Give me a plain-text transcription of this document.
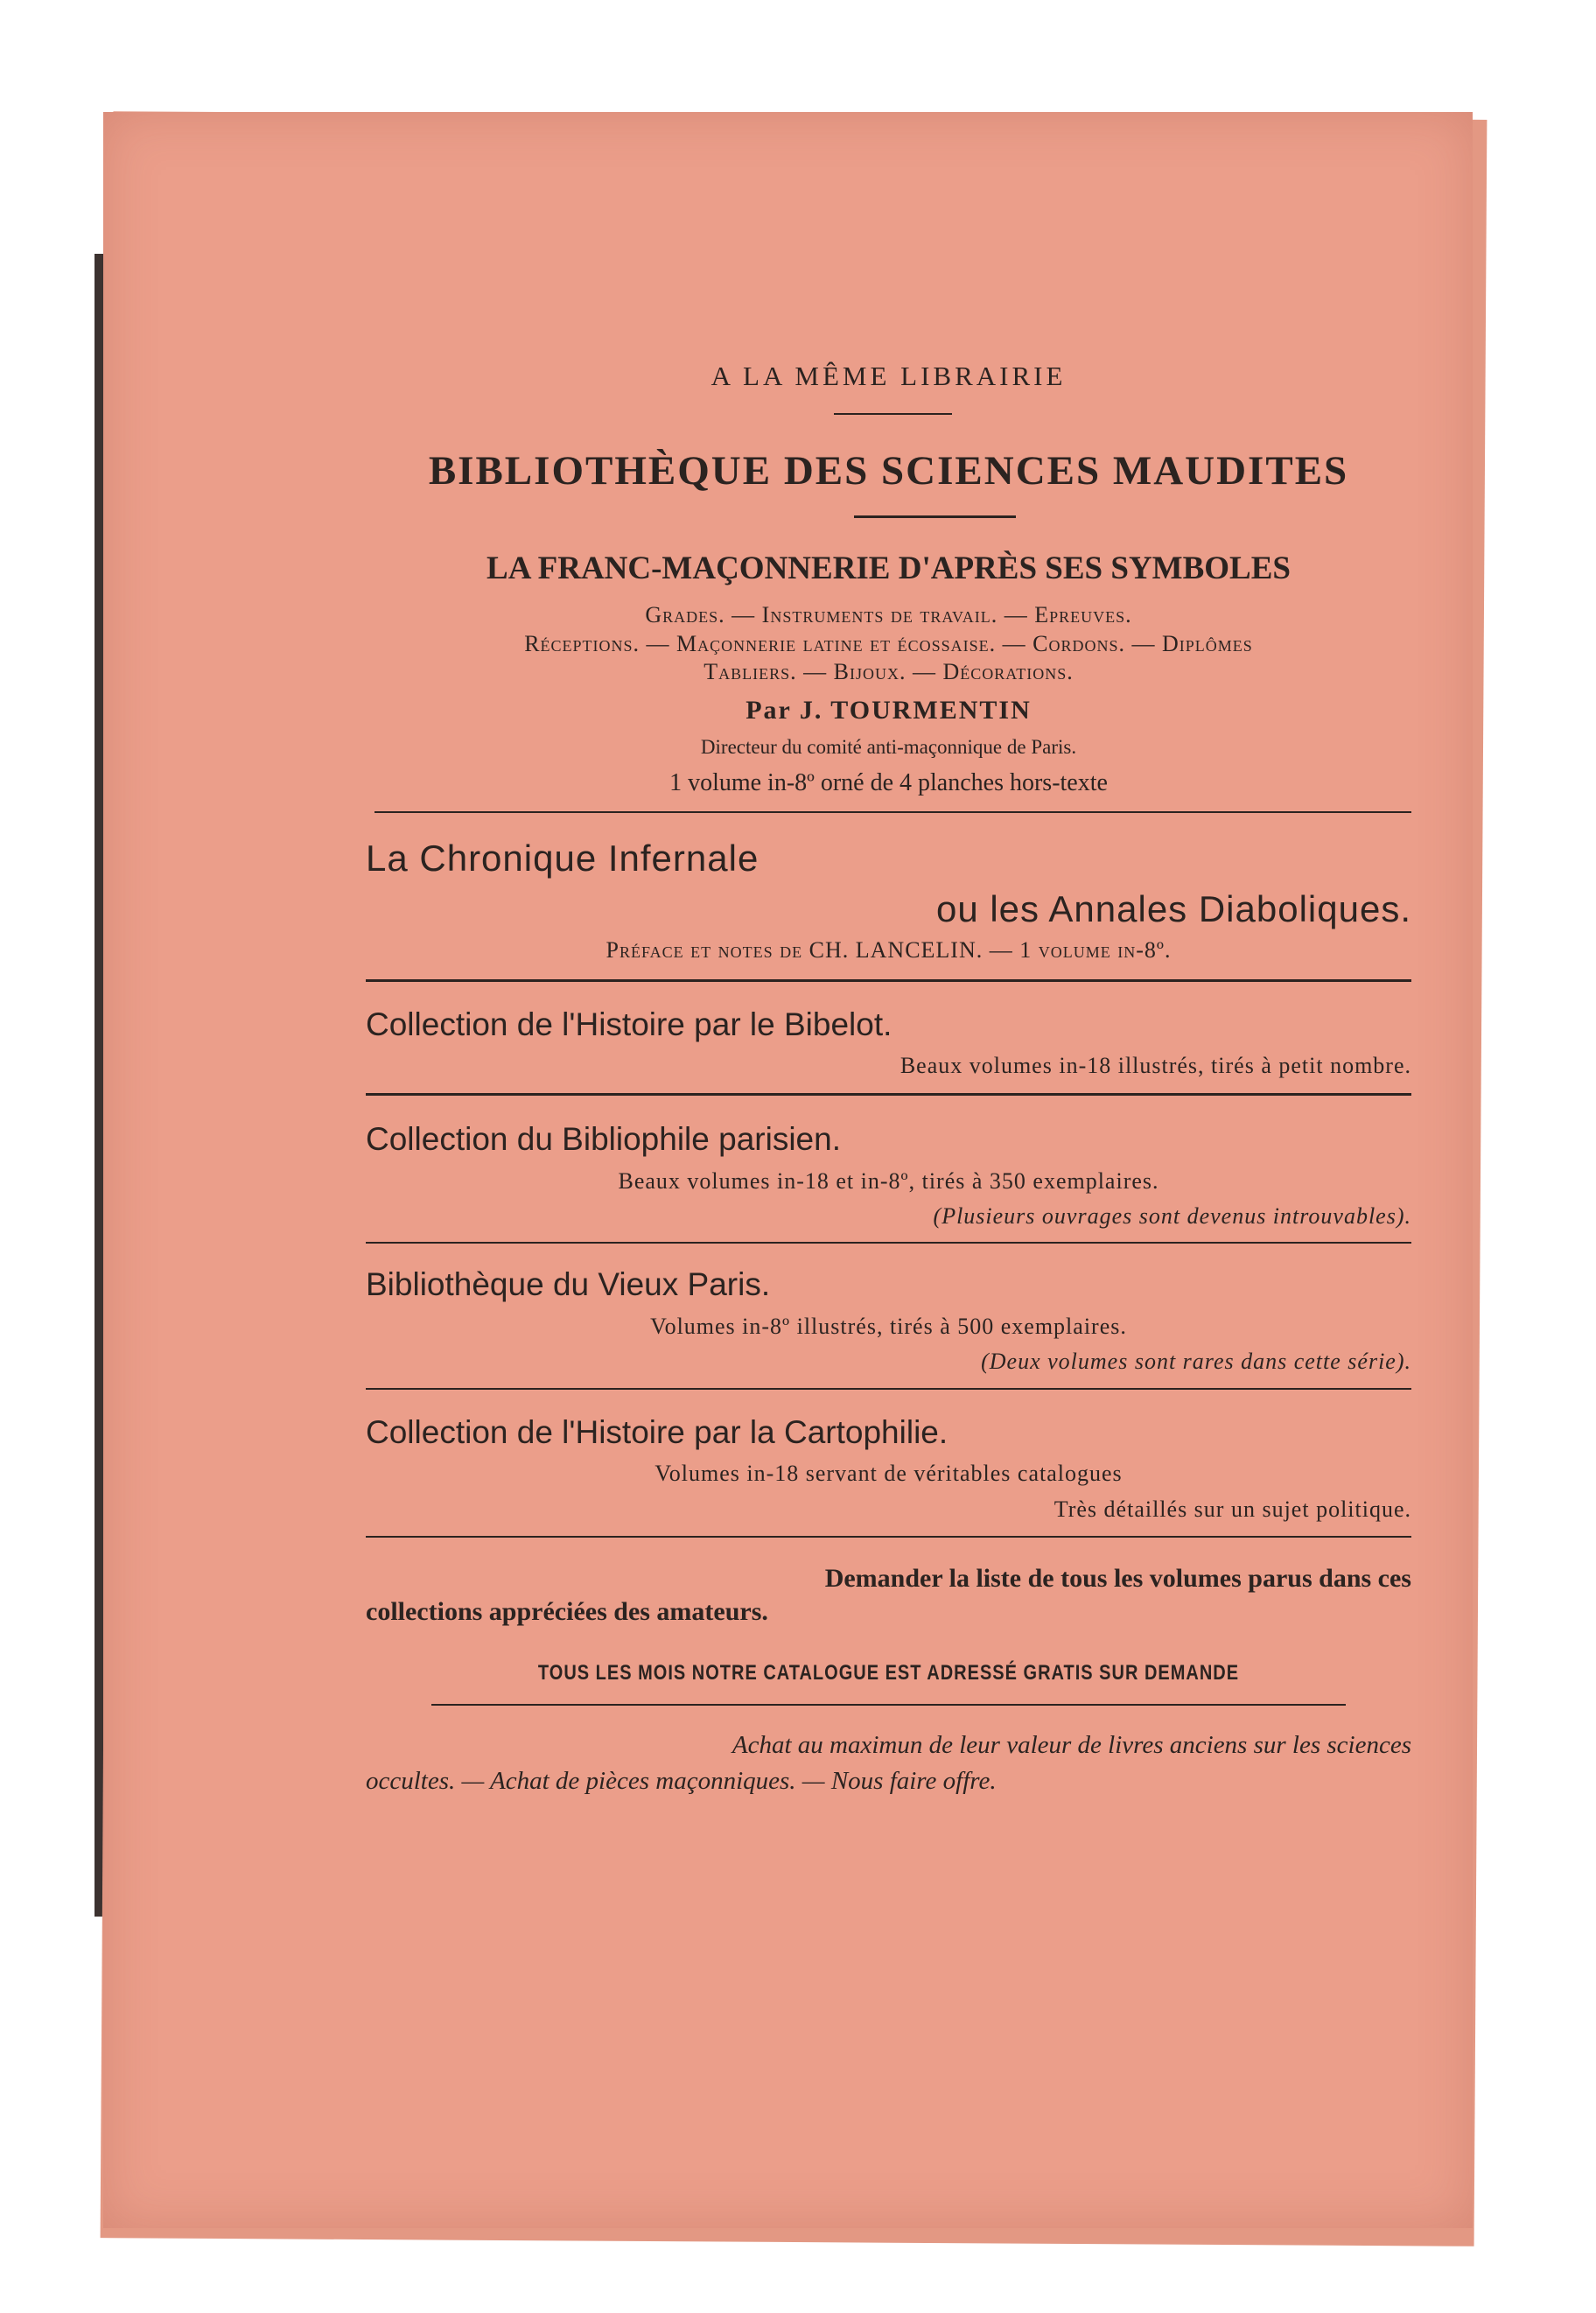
A LA MÊME LIBRAIRIE
BIBLIOTHÈQUE DES SCIENCES MAUDITES
LA FRANC-MAÇONNERIE D'APRÈS SES SYMBOLES
Grades. — Instruments de travail. — Epreuves.
Réceptions. — Maçonnerie latine et écossaise. — Cordons. — Diplômes
Tabliers. — Bijoux. — Décorations.
Par J. TOURMENTIN
Directeur du comité anti-maçonnique de Paris.
1 volume in-8º orné de 4 planches hors-texte
La Chronique Infernale
ou les Annales Diaboliques.
Préface et notes de CH. LANCELIN. — 1 volume in-8º.
Collection de l'Histoire par le Bibelot.
Beaux volumes in-18 illustrés, tirés à petit nombre.
Collection du Bibliophile parisien.
Beaux volumes in-18 et in-8º, tirés à 350 exemplaires.
(Plusieurs ouvrages sont devenus introuvables).
Bibliothèque du Vieux Paris.
Volumes in-8º illustrés, tirés à 500 exemplaires.
(Deux volumes sont rares dans cette série).
Collection de l'Histoire par la Cartophilie.
Volumes in-18 servant de véritables catalogues
Très détaillés sur un sujet politique.
Demander la liste de tous les volumes parus dans ces
collections appréciées des amateurs.
TOUS LES MOIS NOTRE CATALOGUE EST ADRESSÉ GRATIS SUR DEMANDE
Achat au maximun de leur valeur de livres anciens sur les sciences
occultes. — Achat de pièces maçonniques. — Nous faire offre.
